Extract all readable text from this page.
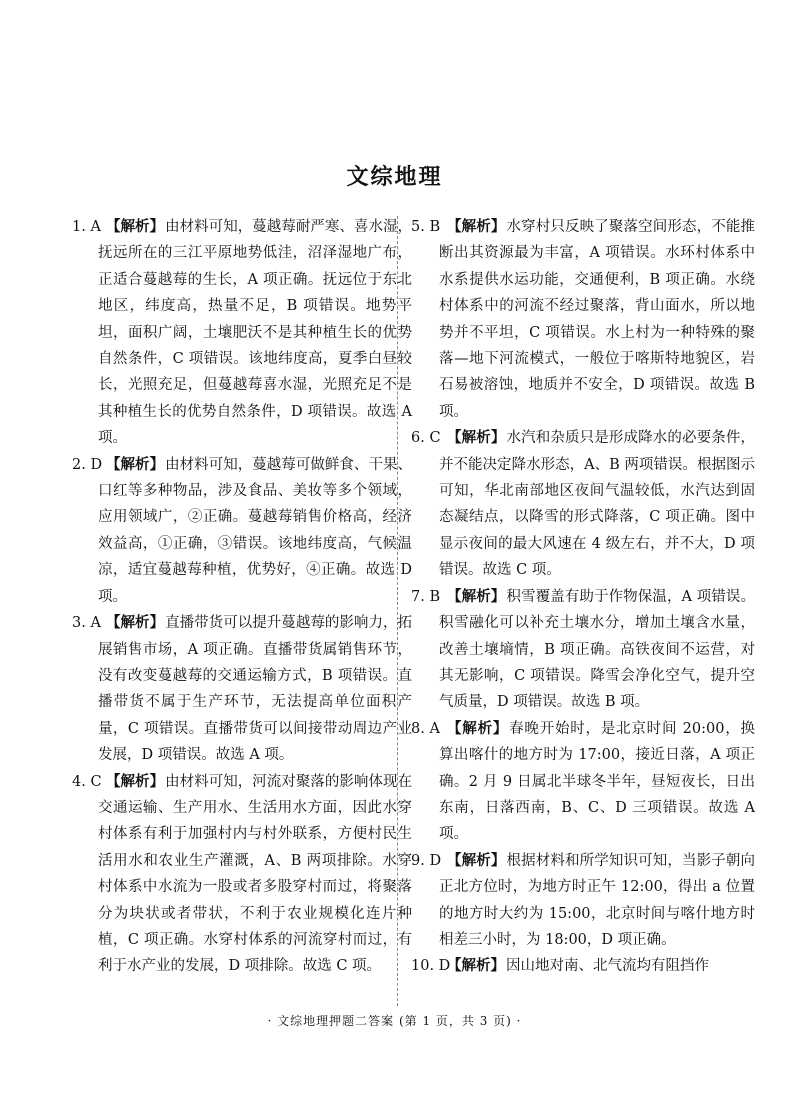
文综地理
1. A 【解析】由材料可知，蔓越莓耐严寒、喜水湿，抚远所在的三江平原地势低洼，沼泽湿地广布，正适合蔓越莓的生长，A 项正确。抚远位于东北地区，纬度高，热量不足，B 项错误。地势平坦，面积广阔，土壤肥沃不是其种植生长的优势自然条件，C 项错误。该地纬度高，夏季白昼较长，光照充足，但蔓越莓喜水湿，光照充足不是其种植生长的优势自然条件，D 项错误。故选 A 项。
2. D 【解析】由材料可知，蔓越莓可做鲜食、干果、口红等多种物品，涉及食品、美妆等多个领域，应用领域广，②正确。蔓越莓销售价格高，经济效益高，①正确，③错误。该地纬度高，气候温凉，适宜蔓越莓种植，优势好，④正确。故选 D 项。
3. A 【解析】直播带货可以提升蔓越莓的影响力，拓展销售市场，A 项正确。直播带货属销售环节，没有改变蔓越莓的交通运输方式，B 项错误。直播带货不属于生产环节，无法提高单位面积产量，C 项错误。直播带货可以间接带动周边产业发展，D 项错误。故选 A 项。
4. C 【解析】由材料可知，河流对聚落的影响体现在交通运输、生产用水、生活用水方面，因此水穿村体系有利于加强村内与村外联系，方便村民生活用水和农业生产灌溉，A、B 两项排除。水穿村体系中水流为一股或者多股穿村而过，将聚落分为块状或者带状，不利于农业规模化连片种植，C 项正确。水穿村体系的河流穿村而过，有利于水产业的发展，D 项排除。故选 C 项。
5. B 【解析】水穿村只反映了聚落空间形态，不能推断出其资源最为丰富，A 项错误。水环村体系中水系提供水运功能，交通便利，B 项正确。水绕村体系中的河流不经过聚落，背山面水，所以地势并不平坦，C 项错误。水上村为一种特殊的聚落—地下河流模式，一般位于喀斯特地貌区，岩石易被溶蚀，地质并不安全，D 项错误。故选 B 项。
6. C 【解析】水汽和杂质只是形成降水的必要条件，并不能决定降水形态，A、B 两项错误。根据图示可知，华北南部地区夜间气温较低，水汽达到固态凝结点，以降雪的形式降落，C 项正确。图中显示夜间的最大风速在 4 级左右，并不大，D 项错误。故选 C 项。
7. B 【解析】积雪覆盖有助于作物保温，A 项错误。积雪融化可以补充土壤水分，增加土壤含水量，改善土壤墒情，B 项正确。高铁夜间不运营，对其无影响，C 项错误。降雪会净化空气，提升空气质量，D 项错误。故选 B 项。
8. A 【解析】春晚开始时，是北京时间 20:00，换算出喀什的地方时为 17:00，接近日落，A 项正确。2 月 9 日属北半球冬半年，昼短夜长，日出东南，日落西南，B、C、D 三项错误。故选 A 项。
9. D 【解析】根据材料和所学知识可知，当影子朝向正北方位时，为地方时正午 12:00，得出 a 位置的地方时大约为 15:00，北京时间与喀什地方时相差三小时，为 18:00，D 项正确。
10. D
【解析】因山地对南、北气流均有阻挡作
· 文综地理押题二答案 (第 1 页，共 3 页) ·
